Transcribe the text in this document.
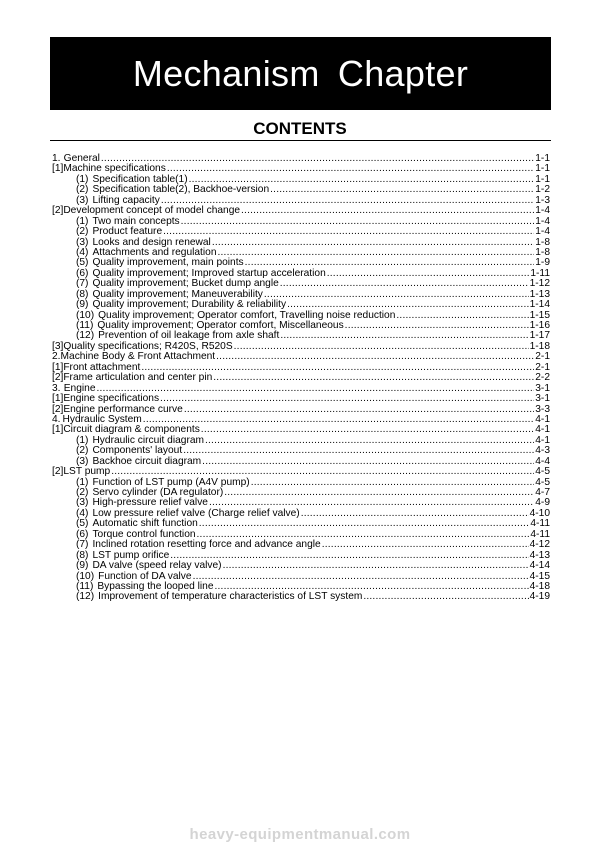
Mechanism Chapter
CONTENTS
1. General .....	1-1
[1] Machine specifications .....	1-1
(1) Specification table(1) .....	1-1
(2) Specification table(2), Backhoe-version .....	1-2
(3) Lifting capacity .....	1-3
[2] Development concept of model change .....	1-4
(1) Two main concepts .....	1-4
(2) Product feature .....	1-4
(3) Looks and design renewal .....	1-8
(4) Attachments and regulation .....	1-8
(5) Quality improvement, main points .....	1-9
(6) Quality improvement; Improved startup acceleration .....	1-11
(7) Quality improvement; Bucket dump angle .....	1-12
(8) Quality improvement; Maneuverability .....	1-13
(9) Quality improvement; Durability & reliability .....	1-14
(10) Quality improvement; Operator comfort, Travelling noise reduction .....	1-15
(11) Quality improvement; Operator comfort, Miscellaneous .....	1-16
(12) Prevention of oil leakage from axle shaft .....	1-17
[3] Quality specifications; R420S, R520S .....	1-18
2. Machine Body & Front Attachment .....	2-1
[1] Front attachment .....	2-1
[2] Frame articulation and center pin .....	2-2
3. Engine .....	3-1
[1] Engine specifications .....	3-1
[2] Engine performance curve .....	3-3
4. Hydraulic System .....	4-1
[1] Circuit diagram & components .....	4-1
(1) Hydraulic circuit diagram .....	4-1
(2) Components' layout .....	4-3
(3) Backhoe circuit diagram .....	4-4
[2] LST pump .....	4-5
(1) Function of LST pump (A4V pump) .....	4-5
(2) Servo cylinder (DA regulator) .....	4-7
(3) High-pressure relief valve .....	4-9
(4) Low pressure relief valve (Charge relief valve) .....	4-10
(5) Automatic shift function .....	4-11
(6) Torque control function .....	4-11
(7) Inclined rotation resetting force and advance angle .....	4-12
(8) LST pump orifice .....	4-13
(9) DA valve (speed relay valve) .....	4-14
(10) Function of DA valve .....	4-15
(11) Bypassing the looped line .....	4-18
(12) Improvement of temperature characteristics of LST system .....	4-19
heavy-equipmentmanual.com
